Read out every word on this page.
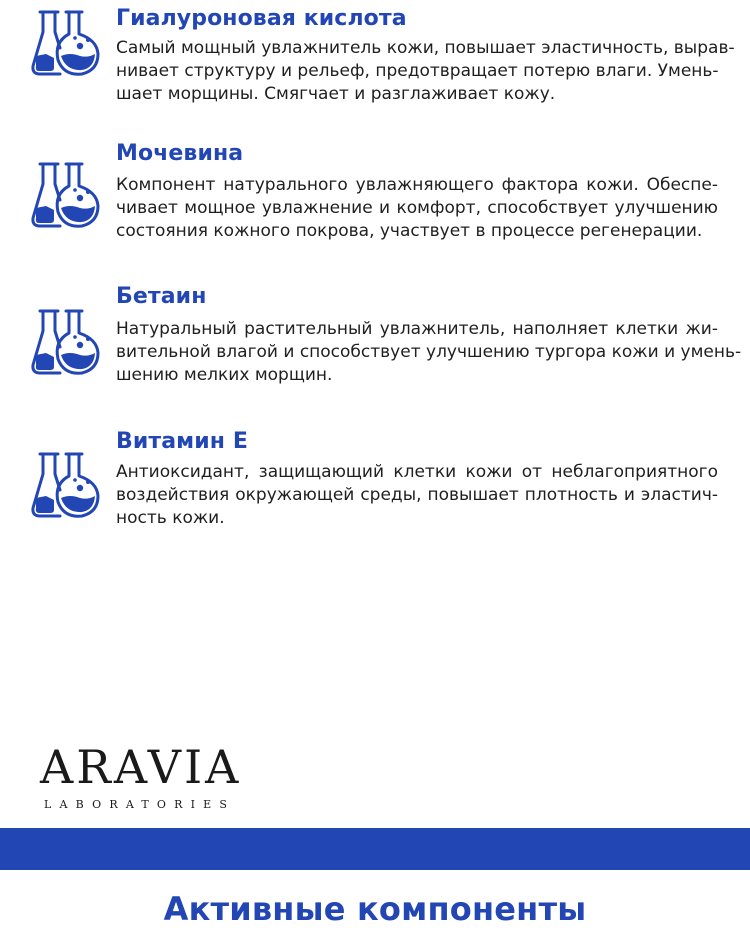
Гиалуроновая кислота
Самый мощный увлажнитель кожи, повышает эластичность, вырав-
нивает структуру и рельеф, предотвращает потерю влаги. Умень-
шает морщины. Смягчает и разглаживает кожу.
Мочевина
Компонент натурального увлажняющего фактора кожи. Обеспе-
чивает мощное увлажнение и комфорт, способствует улучшению
состояния кожного покрова, участвует в процессе регенерации.
Бетаин
Натуральный растительный увлажнитель, наполняет клетки жи-
вительной влагой и способствует улучшению тургора кожи и умень-
шению мелких морщин.
Витамин Е
Антиоксидант, защищающий клетки кожи от неблагоприятного
воздействия окружающей среды, повышает плотность и эластич-
ность кожи.
ARAVIA
LABORATORIES
Активные компоненты
